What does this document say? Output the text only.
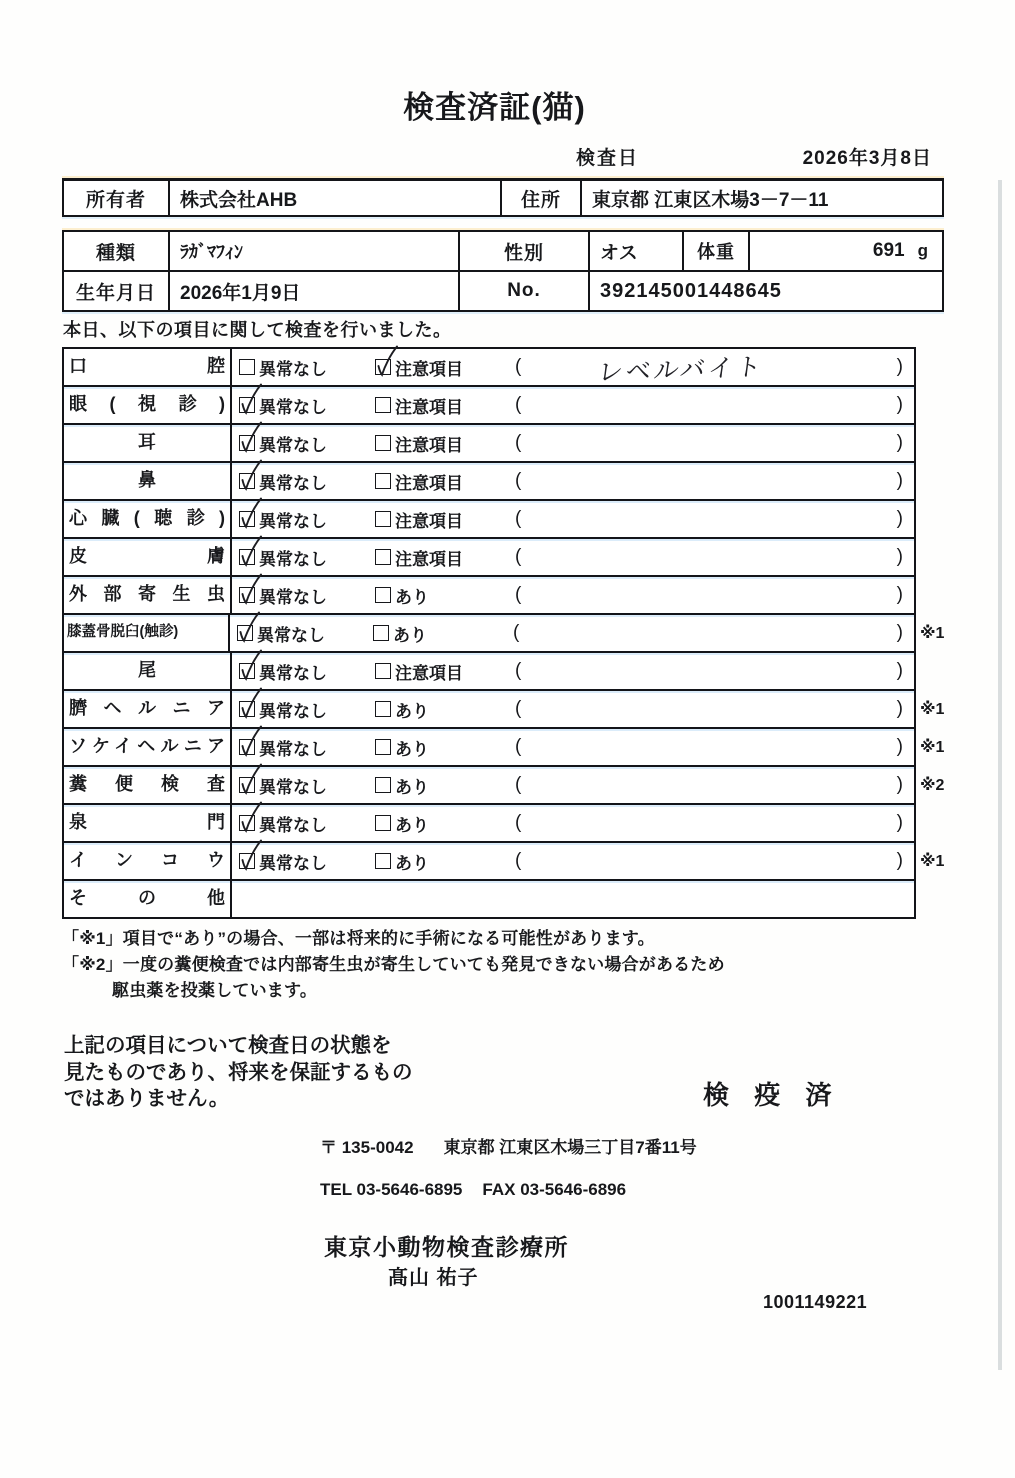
検査済証(猫)
検査日	2026年3月8日
所有者	株式会社AHB	住所	東京都 江東区木場3－7－11
種類	ﾗｶﾞﾏﾌｨﾝ	性別	オス	体重	691 g
生年月日	2026年1月9日	No.	392145001448645
本日、以下の項目に関して検査を行いました。
口腔	異常なし	注意項目	(	レベルバイト	)
眼(視診)	異常なし	注意項目	(	)
耳	異常なし	注意項目	(	)
鼻	異常なし	注意項目	(	)
心臓(聴診)	異常なし	注意項目	(	)
皮膚	異常なし	注意項目	(	)
外部寄生虫	異常なし	あり	(	)
膝蓋骨脱臼(触診)	異常なし	あり	(	) ※1
尾	異常なし	注意項目	(	)
臍ヘルニア	異常なし	あり	(	) ※1
ソケイヘルニア	異常なし	あり	(	) ※1
糞便検査	異常なし	あり	(	) ※2
泉門	異常なし	あり	(	)
インコウ	異常なし	あり	(	) ※1
その他
「※1」項目で“あり”の場合、一部は将来的に手術になる可能性があります。
「※2」一度の糞便検査では内部寄生虫が寄生していても発見できない場合があるため
駆虫薬を投薬しています。
上記の項目について検査日の状態を
見たものであり、将来を保証するもの
ではありません。	検 疫 済
〒 135-0042 東京都 江東区木場三丁目7番11号
TEL 03-5646-6895 FAX 03-5646-6896
東京小動物検査診療所
髙山 祐子
1001149221
